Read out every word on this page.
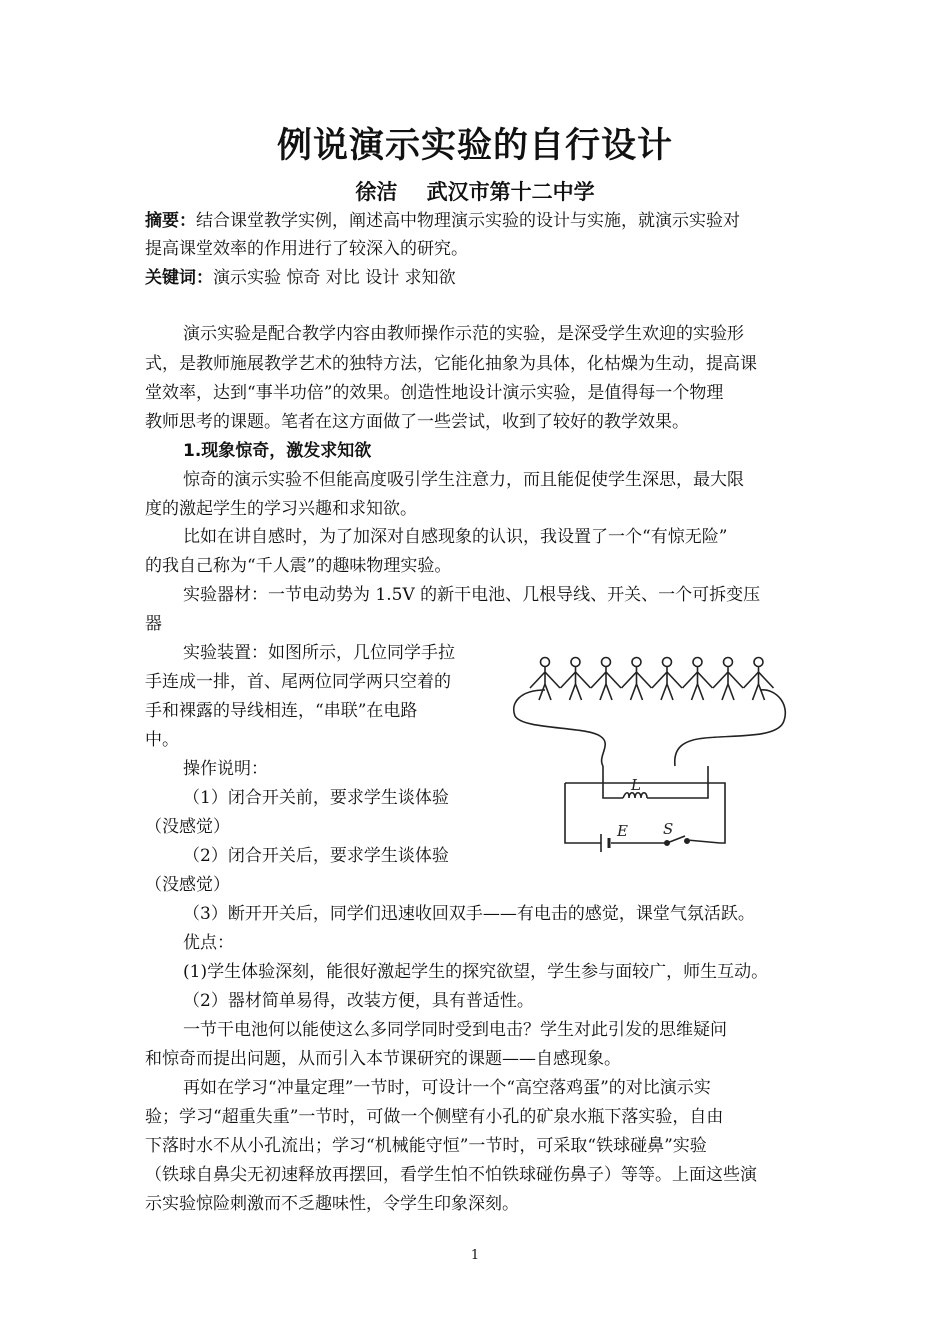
例说演示实验的自行设计
徐洁    武汉市第十二中学
摘要：结合课堂教学实例，阐述高中物理演示实验的设计与实施，就演示实验对
提高课堂效率的作用进行了较深入的研究。
关键词：演示实验 惊奇 对比 设计 求知欲
演示实验是配合教学内容由教师操作示范的实验，是深受学生欢迎的实验形
式，是教师施展教学艺术的独特方法，它能化抽象为具体，化枯燥为生动，提高课
堂效率，达到“事半功倍”的效果。创造性地设计演示实验，是值得每一个物理
教师思考的课题。笔者在这方面做了一些尝试，收到了较好的教学效果。
1.现象惊奇，激发求知欲
惊奇的演示实验不但能高度吸引学生注意力，而且能促使学生深思，最大限
度的激起学生的学习兴趣和求知欲。
比如在讲自感时，为了加深对自感现象的认识，我设置了一个“有惊无险”
的我自己称为“千人震”的趣味物理实验。
实验器材：一节电动势为 1.5V 的新干电池、几根导线、开关、一个可拆变压
器
实验装置：如图所示，几位同学手拉
手连成一排，首、尾两位同学两只空着的
手和裸露的导线相连，“串联”在电路
中。
操作说明：
（1）闭合开关前，要求学生谈体验
（没感觉）
（2）闭合开关后，要求学生谈体验
（没感觉）
（3）断开开关后，同学们迅速收回双手——有电击的感觉，课堂气氛活跃。
优点：
(1)学生体验深刻，能很好激起学生的探究欲望，学生参与面较广，师生互动。
（2）器材简单易得，改装方便，具有普适性。
一节干电池何以能使这么多同学同时受到电击？学生对此引发的思维疑问
和惊奇而提出问题，从而引入本节课研究的课题——自感现象。
再如在学习“冲量定理”一节时，可设计一个“高空落鸡蛋”的对比演示实
验；学习“超重失重”一节时，可做一个侧壁有小孔的矿泉水瓶下落实验，自由
下落时水不从小孔流出；学习“机械能守恒”一节时，可采取“铁球碰鼻”实验
（铁球自鼻尖无初速释放再摆回，看学生怕不怕铁球碰伤鼻子）等等。上面这些演
示实验惊险刺激而不乏趣味性，令学生印象深刻。
L
E S
1
